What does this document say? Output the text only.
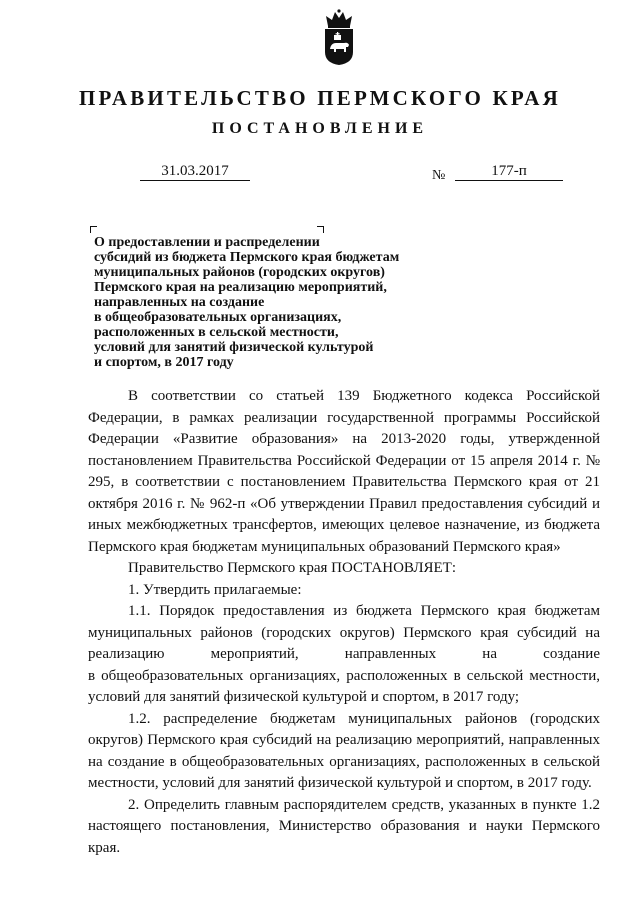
ПРАВИТЕЛЬСТВО ПЕРМСКОГО КРАЯ
ПОСТАНОВЛЕНИЕ
31.03.2017	№	177-п
О предоставлении и распределении
субсидий из бюджета Пермского края бюджетам
муниципальных районов (городских округов)
Пермского края на реализацию мероприятий,
направленных на создание
в общеобразовательных организациях,
расположенных в сельской местности,
условий для занятий физической культурой
и спортом, в 2017 году

В соответствии со статьей 139 Бюджетного кодекса Российской Федерации, в рамках реализации государственной программы Российской Федерации «Развитие образования» на 2013-2020 годы, утвержденной постановлением Правительства Российской Федерации от 15 апреля 2014 г. № 295, в соответствии с постановлением Правительства Пермского края от 21 октября 2016 г. № 962-п «Об утверждении Правил предоставления субсидий и иных межбюджетных трансфертов, имеющих целевое назначение, из бюджета Пермского края бюджетам муниципальных образований Пермского края»

Правительство Пермского края ПОСТАНОВЛЯЕТ:

1. Утвердить прилагаемые:

1.1. Порядок предоставления из бюджета Пермского края бюджетам муниципальных районов (городских округов) Пермского края субсидий на реализацию мероприятий, направленных на создание

в общеобразовательных организациях, расположенных в сельской местности, условий для занятий физической культурой и спортом, в 2017 году;

1.2. распределение бюджетам муниципальных районов (городских округов) Пермского края субсидий на реализацию мероприятий, направленных на создание в общеобразовательных организациях, расположенных в сельской местности, условий для занятий физической культурой и спортом, в 2017 году.

2. Определить главным распорядителем средств, указанных в пункте 1.2 настоящего постановления, Министерство образования и науки Пермского края.
